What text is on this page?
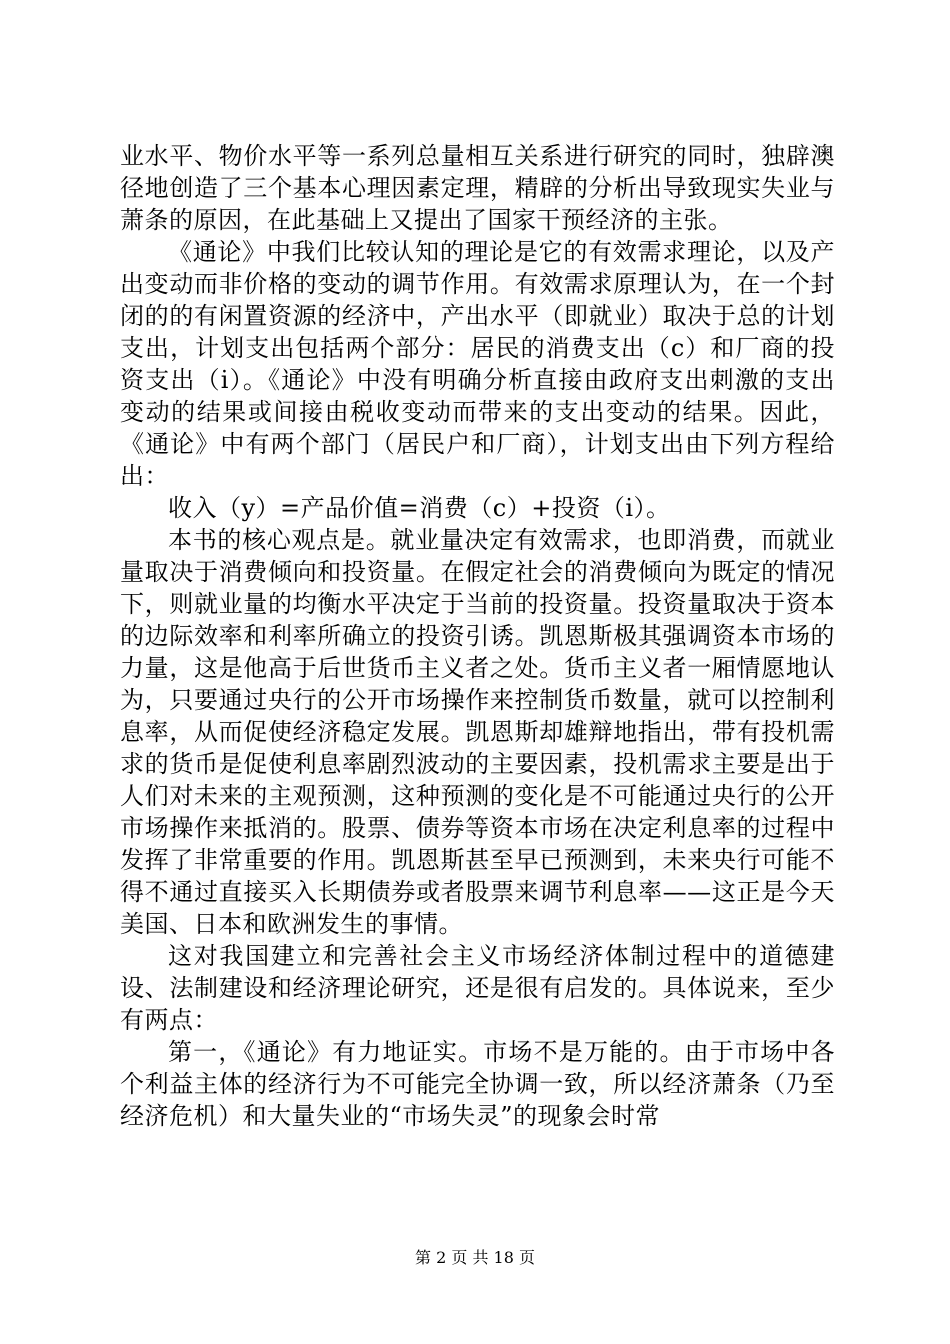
业水平、物价水平等一系列总量相互关系进行研究的同时，独辟澳径地创造了三个基本心理因素定理，精辟的分析出导致现实失业与萧条的原因，在此基础上又提出了国家干预经济的主张。

《通论》中我们比较认知的理论是它的有效需求理论，以及产出变动而非价格的变动的调节作用。有效需求原理认为，在一个封闭的的有闲置资源的经济中，产出水平（即就业）取决于总的计划支出，计划支出包括两个部分：居民的消费支出（c）和厂商的投资支出（i）。《通论》中没有明确分析直接由政府支出刺激的支出变动的结果或间接由税收变动而带来的支出变动的结果。因此，《通论》中有两个部门（居民户和厂商），计划支出由下列方程给出：

收入（y）=产品价值=消费（c）+投资（i）。

本书的核心观点是。就业量决定有效需求，也即消费，而就业量取决于消费倾向和投资量。在假定社会的消费倾向为既定的情况下，则就业量的均衡水平决定于当前的投资量。投资量取决于资本的边际效率和利率所确立的投资引诱。凯恩斯极其强调资本市场的力量，这是他高于后世货币主义者之处。货币主义者一厢情愿地认为，只要通过央行的公开市场操作来控制货币数量，就可以控制利息率，从而促使经济稳定发展。凯恩斯却雄辩地指出，带有投机需求的货币是促使利息率剧烈波动的主要因素，投机需求主要是出于人们对未来的主观预测，这种预测的变化是不可能通过央行的公开市场操作来抵消的。股票、债券等资本市场在决定利息率的过程中发挥了非常重要的作用。凯恩斯甚至早已预测到，未来央行可能不得不通过直接买入长期债券或者股票来调节利息率——这正是今天美国、日本和欧洲发生的事情。

这对我国建立和完善社会主义市场经济体制过程中的道德建设、法制建设和经济理论研究，还是很有启发的。具体说来，至少有两点：

第一，《通论》有力地证实。市场不是万能的。由于市场中各个利益主体的经济行为不可能完全协调一致，所以经济萧条（乃至经济危机）和大量失业的“市场失灵”的现象会时常

第 2 页 共 18 页
